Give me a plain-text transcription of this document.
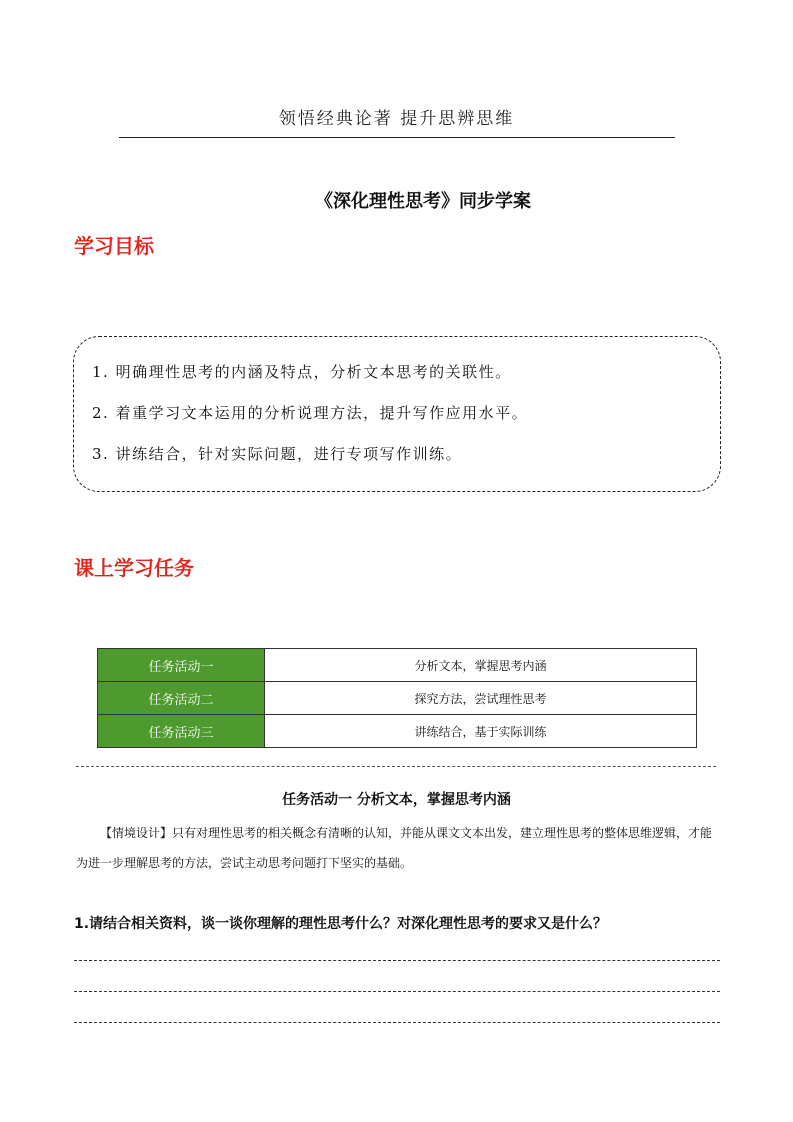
领悟经典论著 提升思辨思维
《深化理性思考》同步学案
学习目标
1. 明确理性思考的内涵及特点，分析文本思考的关联性。
2. 着重学习文本运用的分析说理方法，提升写作应用水平。
3. 讲练结合，针对实际问题，进行专项写作训练。
课上学习任务
任务活动一	分析文本，掌握思考内涵
任务活动二	探究方法，尝试理性思考
任务活动三	讲练结合，基于实际训练
任务活动一 分析文本，掌握思考内涵
【情境设计】只有对理性思考的相关概念有清晰的认知，并能从课文文本出发，建立理性思考的整体思维逻辑，才能为进一步理解思考的方法，尝试主动思考问题打下坚实的基础。
1.请结合相关资料，谈一谈你理解的理性思考什么？对深化理性思考的要求又是什么？
